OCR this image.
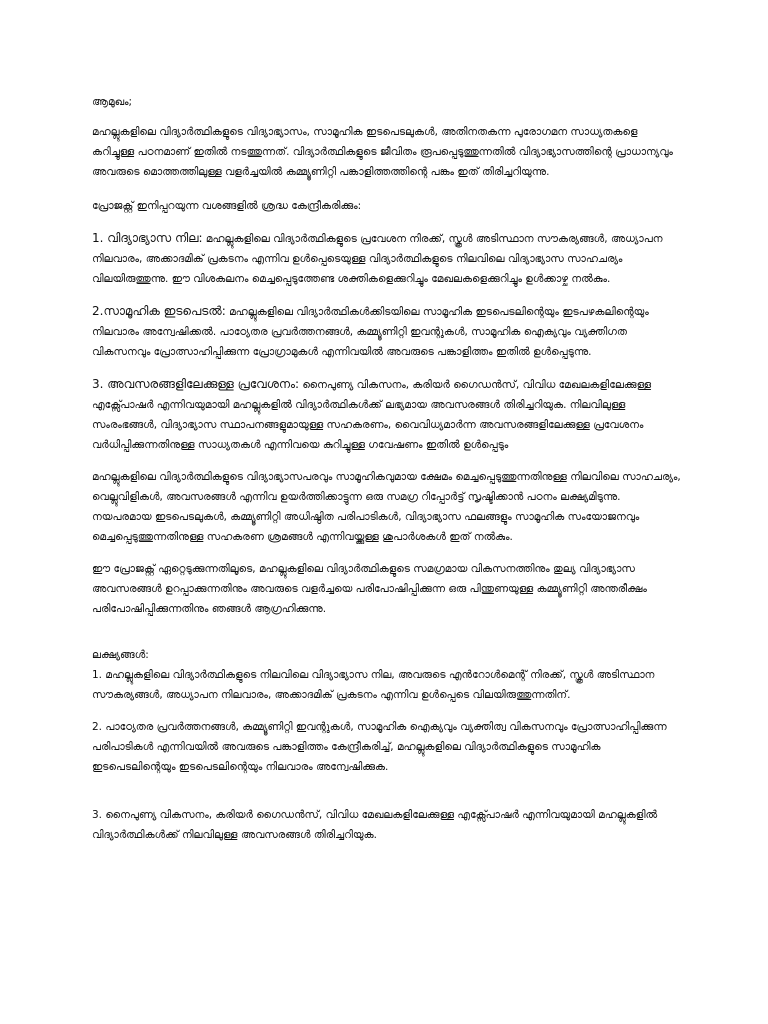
ആമുഖം;

മഹല്ലുകളിലെ വിദ്യാർത്ഥികളുടെ വിദ്യാഭ്യാസം, സാമൂഹിക ഇടപെടലുകൾ, അതിനതകന്ന പുരോഗമന സാധ്യതകളെ കറിച്ചുള്ള പഠനമാണ് ഇതിൽ നടത്തുന്നത്. വിദ്യാർത്ഥികളുടെ ജീവിതം രൂപപ്പെടുത്തുന്നതിൽ വിദ്യാഭ്യാസത്തിന്റെ പ്രാധാന്യവും അവരുടെ മൊത്തത്തിലുള്ള വളർച്ചയിൽ കമ്മ്യൂണിറ്റി പങ്കാളിത്തത്തിന്റെ പങ്കം ഇത് തിരിച്ചറിയുന്നു.

പ്രോജക്റ്റ് ഇനിപ്പറയുന്ന വശങ്ങളിൽ ശ്രദ്ധ കേന്ദ്രീകരിക്കും:

1. വിദ്യാഭ്യാസ നില: മഹല്ലുകളിലെ വിദ്യാർത്ഥികളുടെ പ്രവേശന നിരക്ക്, സ്കൂൾ അടിസ്ഥാന സൗകര്യങ്ങൾ, അധ്യാപന നിലവാരം, അക്കാദമിക് പ്രകടനം എന്നിവ ഉൾപ്പെടെയുള്ള വിദ്യാർത്ഥികളുടെ നിലവിലെ വിദ്യാഭ്യാസ സാഹചര്യം വിലയിരുത്തുന്നു. ഈ വിശകലനം മെച്ചപ്പെടുത്തേണ്ട ശക്തികളെക്കുറിച്ചും മേഖലകളെക്കുറിച്ചും ഉൾക്കാഴ്ച നൽകും.

2.സാമൂഹിക ഇടപെടൽ: മഹല്ലുകളിലെ വിദ്യാർത്ഥികൾക്കിടയിലെ സാമൂഹിക ഇടപെടലിന്റെയും ഇടപഴകലിന്റെയും നിലവാരം അന്വേഷിക്കൽ. പാഠ്യേതര പ്രവർത്തനങ്ങൾ, കമ്മ്യൂണിറ്റി ഇവന്റുകൾ, സാമൂഹിക ഐക്യവും വ്യക്തിഗത വികസനവും പ്രോത്സാഹിപ്പിക്കുന്ന പ്രോഗ്രാമുകൾ എന്നിവയിൽ അവരുടെ പങ്കാളിത്തം ഇതിൽ ഉൾപ്പെടുന്നു.

3. അവസരങ്ങളിലേക്കുള്ള പ്രവേശനം: നൈപുണ്യ വികസനം, കരിയർ ഗൈഡൻസ്, വിവിധ മേഖലകളിലേക്കുള്ള എക്സ്പോഷർ എന്നിവയുമായി മഹല്ലുകളിൽ വിദ്യാർത്ഥികൾക്ക് ലഭ്യമായ അവസരങ്ങൾ തിരിച്ചറിയുക. നിലവിലുള്ള സംരംഭങ്ങൾ, വിദ്യാഭ്യാസ സ്ഥാപനങ്ങളുമായുള്ള സഹകരണം, വൈവിധ്യമാർന്ന അവസരങ്ങളിലേക്കുള്ള പ്രവേശനം വർധിപ്പിക്കുന്നതിനുള്ള സാധ്യതകൾ എന്നിവയെ കുറിച്ചുള്ള ഗവേഷണം ഇതിൽ ഉൾപ്പെടും

മഹല്ലുകളിലെ വിദ്യാർത്ഥികളുടെ വിദ്യാഭ്യാസപരവും സാമൂഹികവുമായ ക്ഷേമം മെച്ചപ്പെടുത്തുന്നതിനുള്ള നിലവിലെ സാഹചര്യം, വെല്ലുവിളികൾ, അവസരങ്ങൾ എന്നിവ ഉയർത്തിക്കാട്ടുന്ന ഒരു സമഗ്ര റിപ്പോർട്ട് സൃഷ്ടിക്കാൻ പഠനം ലക്ഷ്യമിടുന്നു. നയപരമായ ഇടപെടലുകൾ, കമ്മ്യൂണിറ്റി അധിഷ്ഠിത പരിപാടികൾ, വിദ്യാഭ്യാസ ഫലങ്ങളും സാമൂഹിക സംയോജനവും മെച്ചപ്പെടുത്തുന്നതിനുള്ള സഹകരണ ശ്രമങ്ങൾ എന്നിവയ്ക്കുള്ള ശുപാർശകൾ ഇത് നൽകും.

ഈ പ്രോജക്റ്റ് ഏറ്റെടുക്കുന്നതിലൂടെ, മഹല്ലുകളിലെ വിദ്യാർത്ഥികളുടെ സമഗ്രമായ വികസനത്തിനും തുല്യ വിദ്യാഭ്യാസ അവസരങ്ങൾ ഉറപ്പാക്കുന്നതിനും അവരുടെ വളർച്ചയെ പരിപോഷിപ്പിക്കുന്ന ഒരു പിന്തുണയുള്ള കമ്മ്യൂണിറ്റി അന്തരീക്ഷം പരിപോഷിപ്പിക്കുന്നതിനും ഞങ്ങൾ ആഗ്രഹിക്കുന്നു.

ലക്ഷ്യങ്ങൾ:

1. മഹല്ലുകളിലെ വിദ്യാർത്ഥികളുടെ നിലവിലെ വിദ്യാഭ്യാസ നില, അവരുടെ എൻറോൾമെന്റ് നിരക്ക്, സ്കൂൾ അടിസ്ഥാന സൗകര്യങ്ങൾ, അധ്യാപന നിലവാരം, അക്കാദമിക് പ്രകടനം എന്നിവ ഉൾപ്പെടെ വിലയിരുത്തുന്നതിന്.

2. പാഠ്യേതര പ്രവർത്തനങ്ങൾ, കമ്മ്യൂണിറ്റി ഇവന്റുകൾ, സാമൂഹിക ഐക്യവും വ്യക്തിത്വ വികസനവും പ്രോത്സാഹിപ്പിക്കുന്ന പരിപാടികൾ എന്നിവയിൽ അവരുടെ പങ്കാളിത്തം കേന്ദ്രീകരിച്ച്, മഹല്ലുകളിലെ വിദ്യാർത്ഥികളുടെ സാമൂഹിക ഇടപെടലിന്റെയും ഇടപെടലിന്റെയും നിലവാരം അന്വേഷിക്കുക.

3. നൈപുണ്യ വികസനം, കരിയർ ഗൈഡൻസ്, വിവിധ മേഖലകളിലേക്കുള്ള എക്സ്പോഷർ എന്നിവയുമായി മഹല്ലുകളിൽ വിദ്യാർത്ഥികൾക്ക് നിലവിലുള്ള അവസരങ്ങൾ തിരിച്ചറിയുക.
